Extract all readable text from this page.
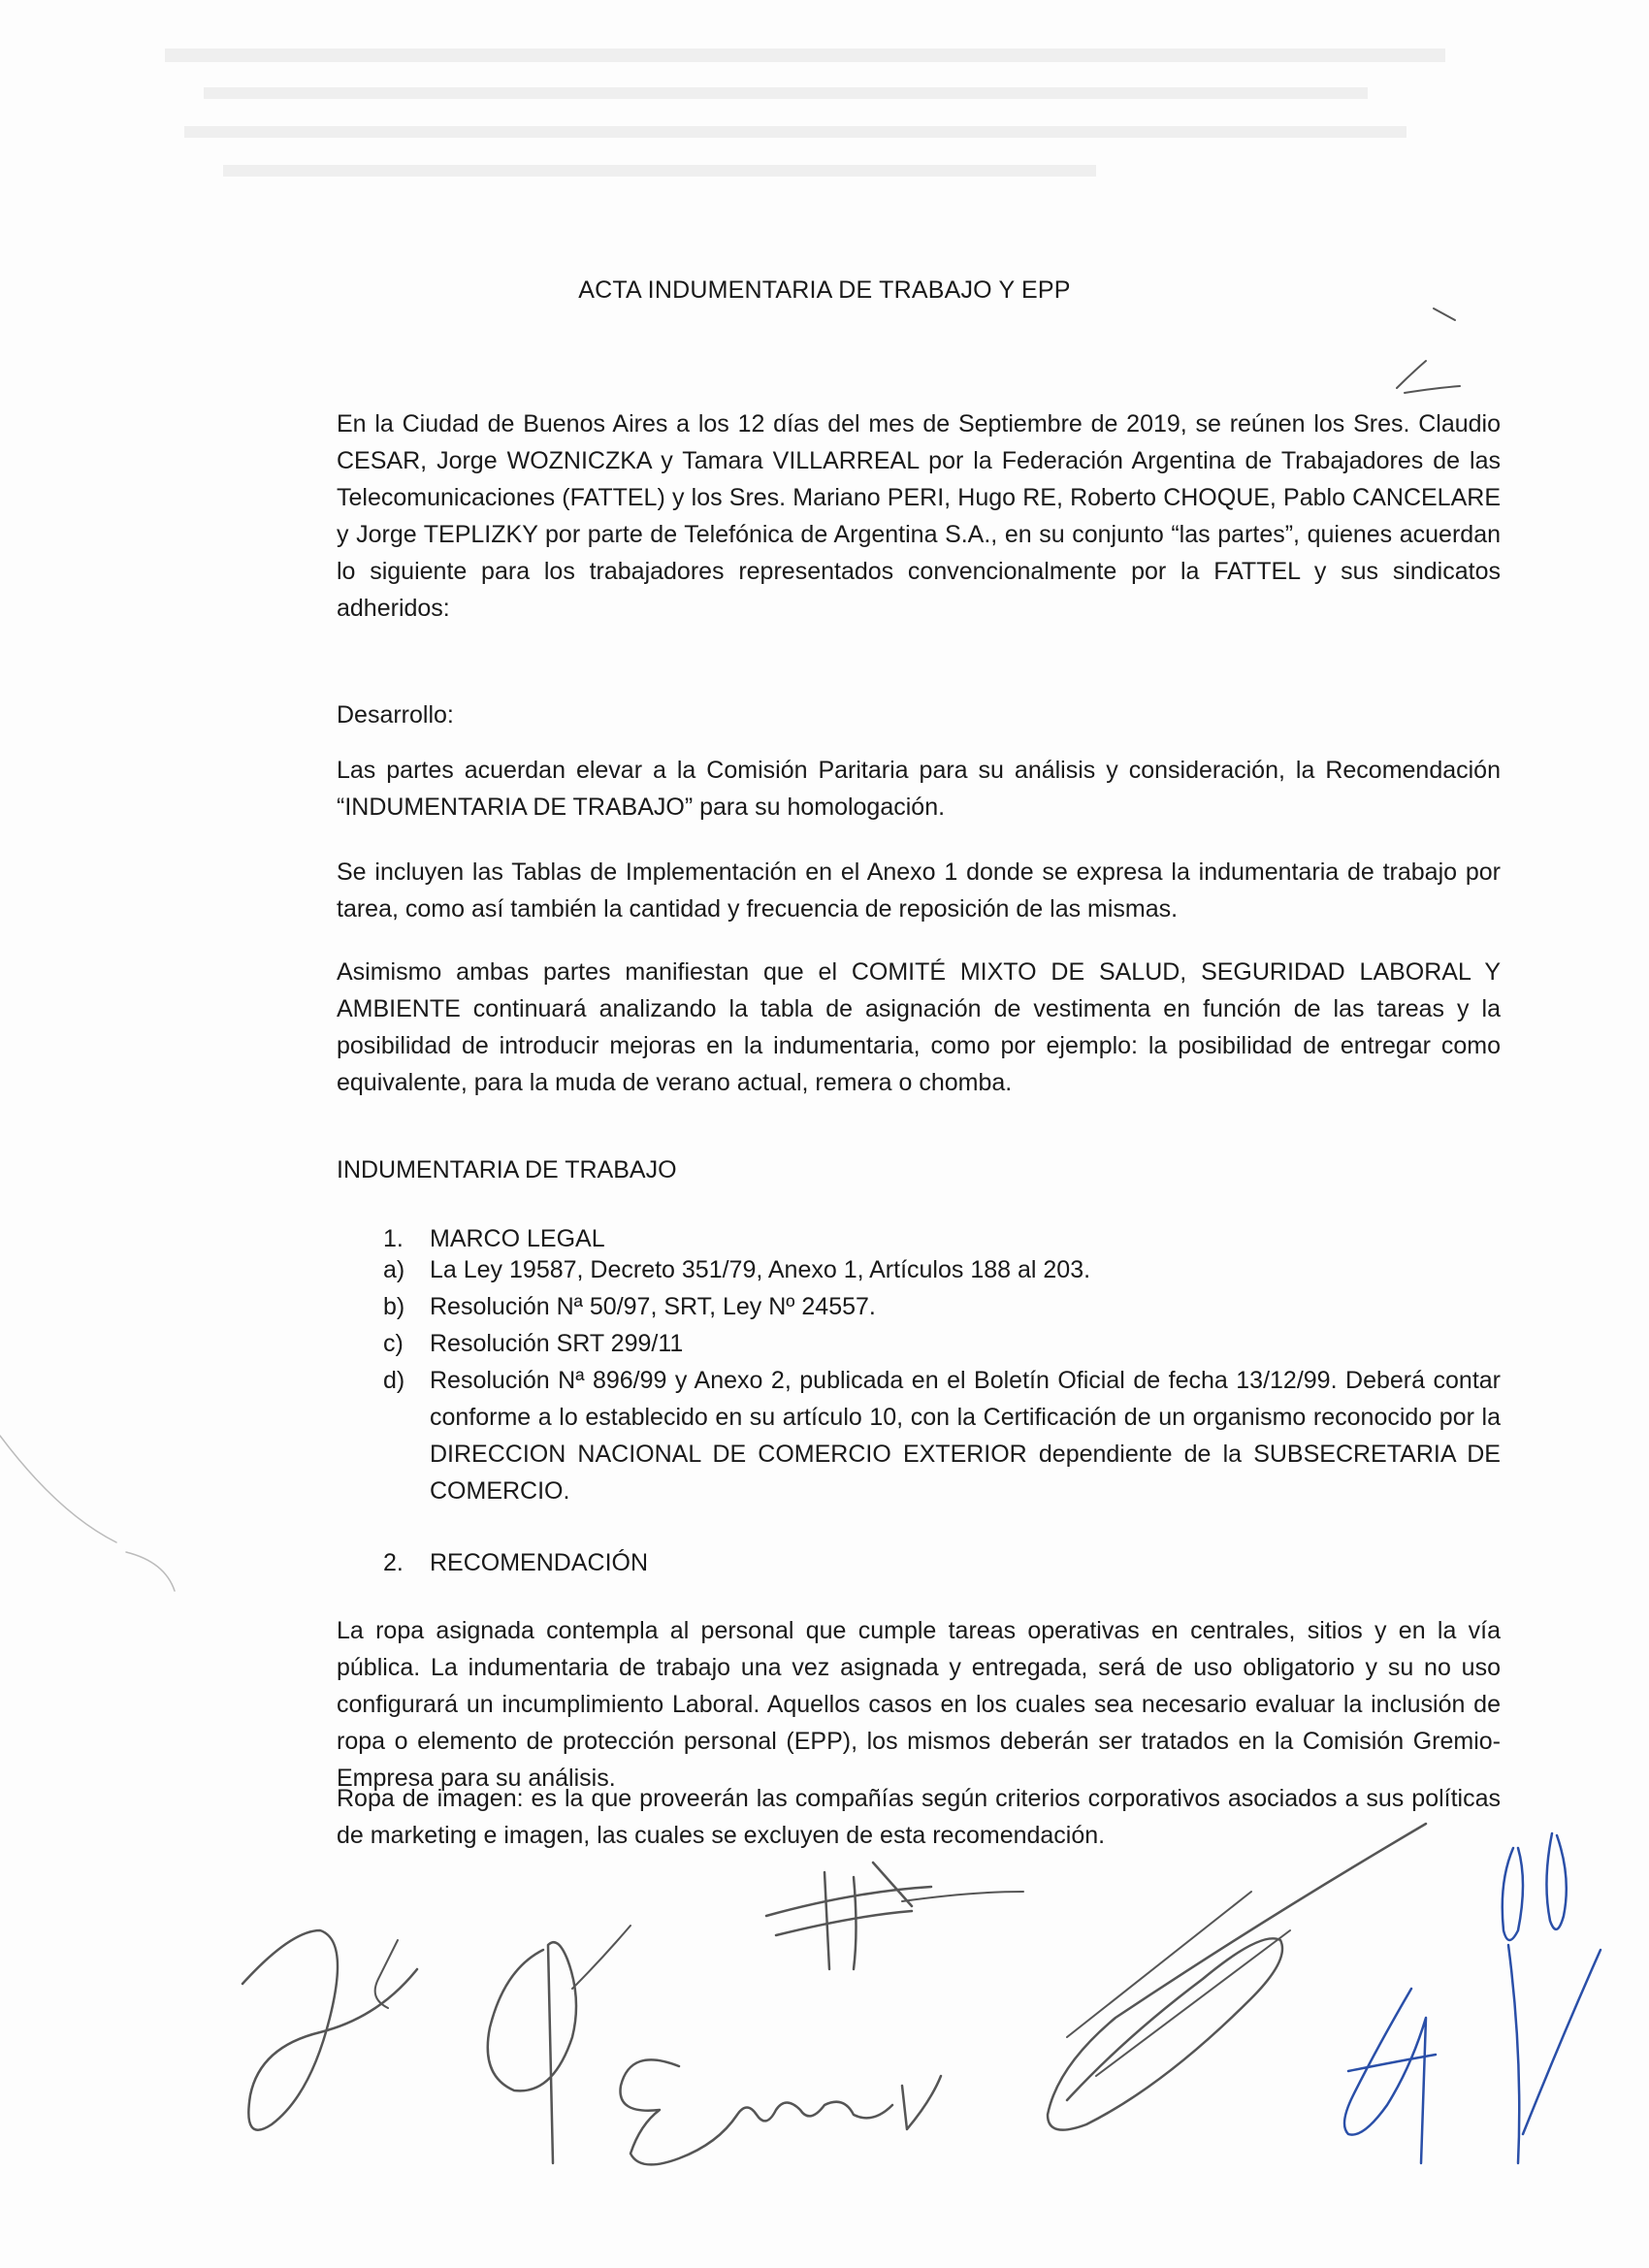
ACTA INDUMENTARIA DE TRABAJO Y EPP
En la Ciudad de Buenos Aires a los 12 días del mes de Septiembre de 2019, se reúnen los Sres. Claudio CESAR, Jorge WOZNICZKA y Tamara VILLARREAL por la Federación Argentina de Trabajadores de las Telecomunicaciones (FATTEL) y los Sres. Mariano PERI, Hugo RE, Roberto CHOQUE, Pablo CANCELARE y Jorge TEPLIZKY por parte de Telefónica de Argentina S.A., en su conjunto “las partes”, quienes acuerdan lo siguiente para los trabajadores representados convencionalmente por la FATTEL y sus sindicatos adheridos:
Desarrollo:
Las partes acuerdan elevar a la Comisión Paritaria para su análisis y consideración, la Recomendación “INDUMENTARIA DE TRABAJO” para su homologación.
Se incluyen las Tablas de Implementación en el Anexo 1 donde se expresa la indumentaria de trabajo por tarea, como así también la cantidad y frecuencia de reposición de las mismas.
Asimismo ambas partes manifiestan que el COMITÉ MIXTO DE SALUD, SEGURIDAD LABORAL Y AMBIENTE continuará analizando la tabla de asignación de vestimenta en función de las tareas y la posibilidad de introducir mejoras en la indumentaria, como por ejemplo: la posibilidad de entregar como equivalente, para la muda de verano actual, remera o chomba.
INDUMENTARIA DE TRABAJO
1. MARCO LEGAL
a)	La Ley 19587, Decreto 351/79, Anexo 1, Artículos 188 al 203.
b)	Resolución Nª 50/97, SRT, Ley Nº 24557.
c)	Resolución SRT 299/11
d)	Resolución Nª 896/99 y Anexo 2, publicada en el Boletín Oficial de fecha 13/12/99. Deberá contar conforme a lo establecido en su artículo 10, con la Certificación de un organismo reconocido por la DIRECCION NACIONAL DE COMERCIO EXTERIOR dependiente de la SUBSECRETARIA DE COMERCIO.
2. RECOMENDACIÓN
La ropa asignada contempla al personal que cumple tareas operativas en centrales, sitios y en la vía pública. La indumentaria de trabajo una vez asignada y entregada, será de uso obligatorio y su no uso configurará un incumplimiento Laboral. Aquellos casos en los cuales sea necesario evaluar la inclusión de ropa o elemento de protección personal (EPP), los mismos deberán ser tratados en la Comisión Gremio-Empresa para su análisis.
Ropa de imagen: es la que proveerán las compañías según criterios corporativos asociados a sus políticas de marketing e imagen, las cuales se excluyen de esta recomendación.
